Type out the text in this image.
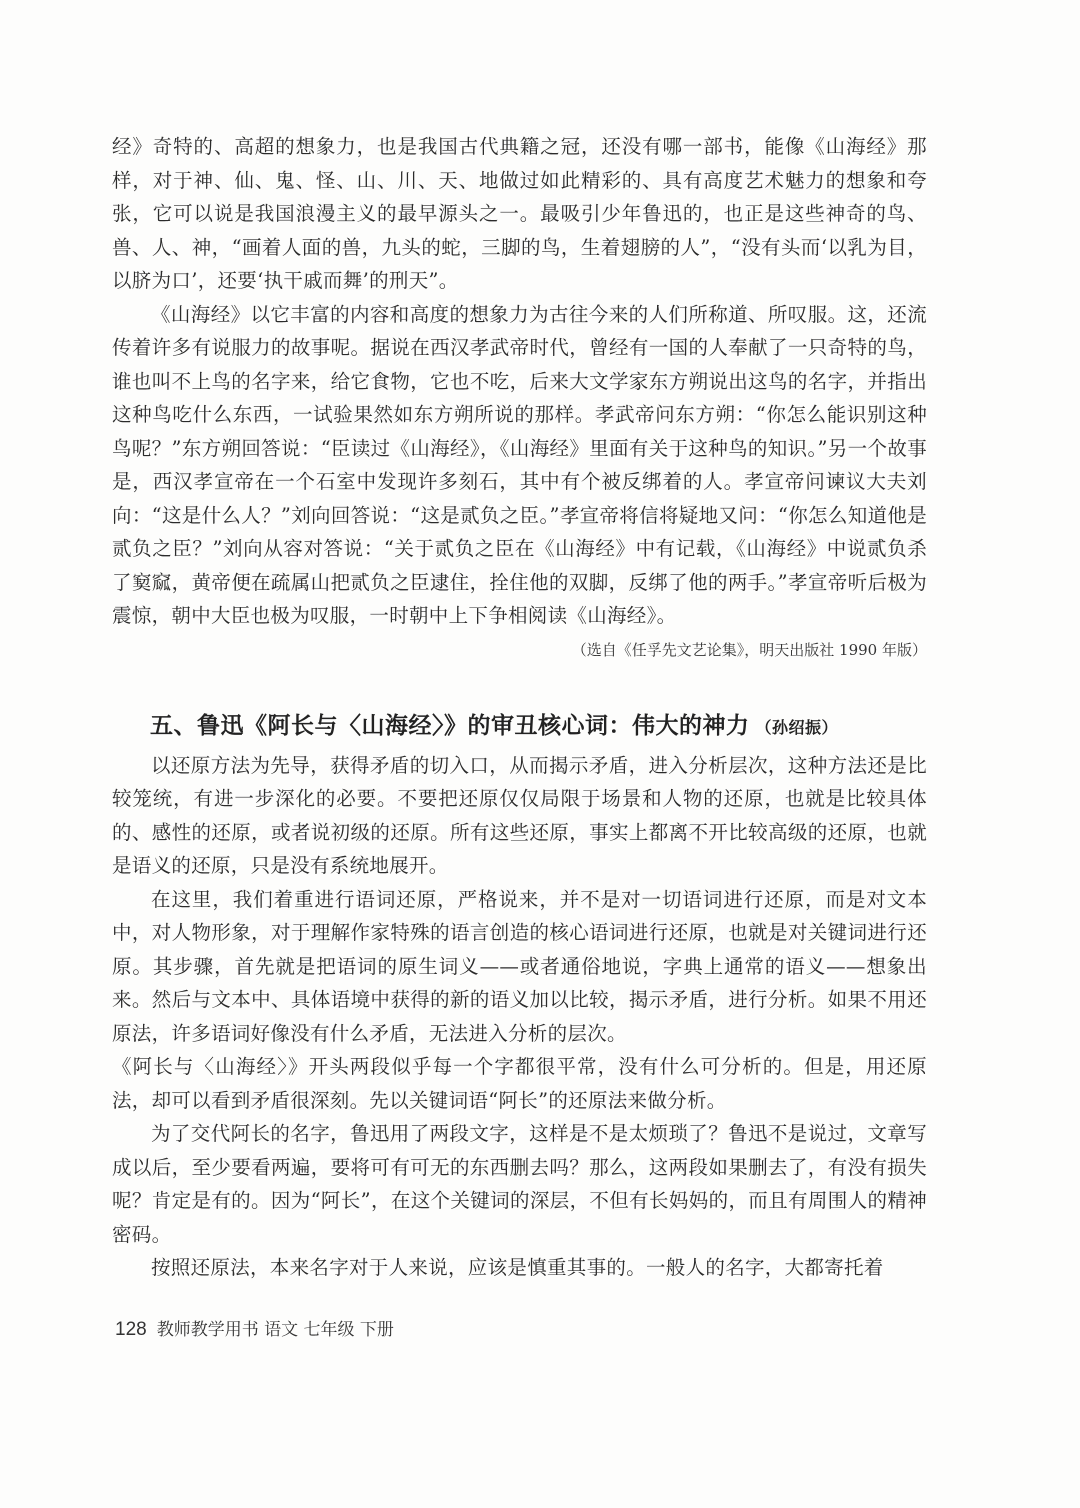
经》奇特的、高超的想象力，也是我国古代典籍之冠，还没有哪一部书，能像《山海经》那样，对于神、仙、鬼、怪、山、川、天、地做过如此精彩的、具有高度艺术魅力的想象和夸张，它可以说是我国浪漫主义的最早源头之一。最吸引少年鲁迅的，也正是这些神奇的鸟、兽、人、神，“画着人面的兽，九头的蛇，三脚的鸟，生着翅膀的人”，“没有头而‘以乳为目，以脐为口’，还要‘执干戚而舞’的刑天”。

《山海经》以它丰富的内容和高度的想象力为古往今来的人们所称道、所叹服。这，还流传着许多有说服力的故事呢。据说在西汉孝武帝时代，曾经有一国的人奉献了一只奇特的鸟，谁也叫不上鸟的名字来，给它食物，它也不吃，后来大文学家东方朔说出这鸟的名字，并指出这种鸟吃什么东西，一试验果然如东方朔所说的那样。孝武帝问东方朔：“你怎么能识别这种鸟呢？”东方朔回答说：“臣读过《山海经》，《山海经》里面有关于这种鸟的知识。”另一个故事是，西汉孝宣帝在一个石室中发现许多刻石，其中有个被反绑着的人。孝宣帝问谏议大夫刘向：“这是什么人？”刘向回答说：“这是贰负之臣。”孝宣帝将信将疑地又问：“你怎么知道他是贰负之臣？”刘向从容对答说：“关于贰负之臣在《山海经》中有记载，《山海经》中说贰负杀了窫窳，黄帝便在疏属山把贰负之臣逮住，拴住他的双脚，反绑了他的两手。”孝宣帝听后极为震惊，朝中大臣也极为叹服，一时朝中上下争相阅读《山海经》。

（选自《任孚先文艺论集》，明天出版社 1990 年版）

五、鲁迅《阿长与〈山海经〉》的审丑核心词：伟大的神力 （孙绍振）

以还原方法为先导，获得矛盾的切入口，从而揭示矛盾，进入分析层次，这种方法还是比较笼统，有进一步深化的必要。不要把还原仅仅局限于场景和人物的还原，也就是比较具体的、感性的还原，或者说初级的还原。所有这些还原，事实上都离不开比较高级的还原，也就是语义的还原，只是没有系统地展开。

在这里，我们着重进行语词还原，严格说来，并不是对一切语词进行还原，而是对文本中，对人物形象，对于理解作家特殊的语言创造的核心语词进行还原，也就是对关键词进行还原。其步骤，首先就是把语词的原生词义——或者通俗地说，字典上通常的语义——想象出来。然后与文本中、具体语境中获得的新的语义加以比较，揭示矛盾，进行分析。如果不用还原法，许多语词好像没有什么矛盾，无法进入分析的层次。

《阿长与〈山海经〉》开头两段似乎每一个字都很平常，没有什么可分析的。但是，用还原法，却可以看到矛盾很深刻。先以关键词语“阿长”的还原法来做分析。

为了交代阿长的名字，鲁迅用了两段文字，这样是不是太烦琐了？鲁迅不是说过，文章写成以后，至少要看两遍，要将可有可无的东西删去吗？那么，这两段如果删去了，有没有损失呢？肯定是有的。因为“阿长”，在这个关键词的深层，不但有长妈妈的，而且有周围人的精神密码。

按照还原法，本来名字对于人来说，应该是慎重其事的。一般人的名字，大都寄托着

128 教师教学用书 语文 七年级 下册
